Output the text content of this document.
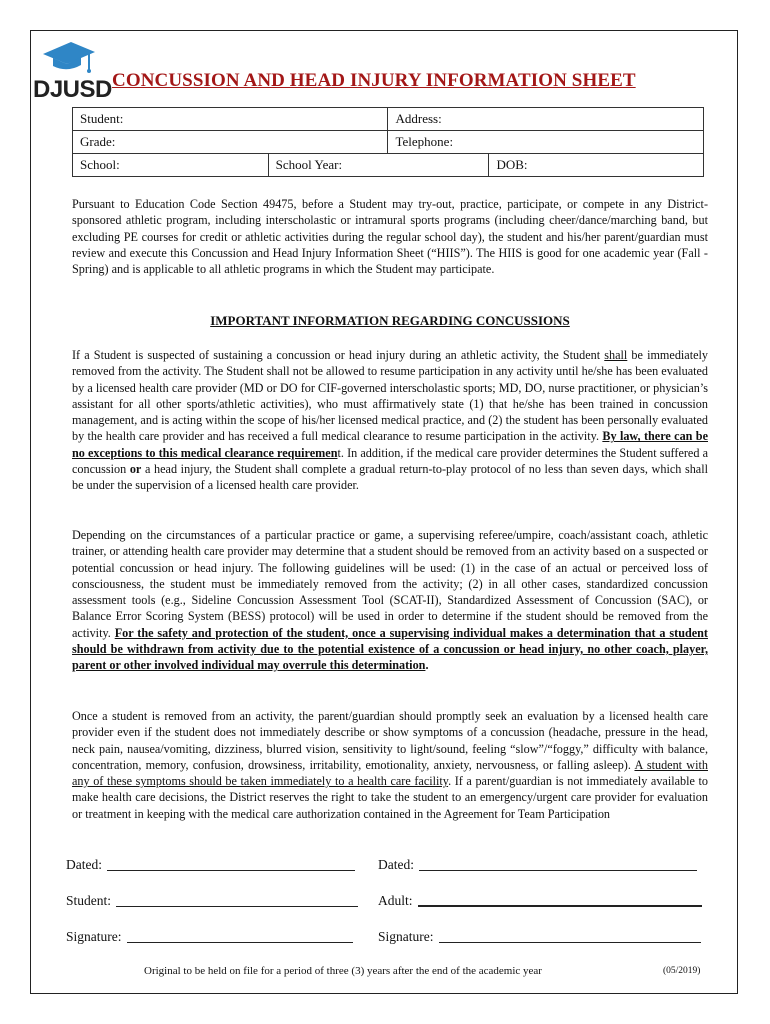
DJUSD CONCUSSION AND HEAD INJURY INFORMATION SHEET
Student:		Address:	
Grade:		Telephone:	
School:	School Year:		DOB:
Pursuant to Education Code Section 49475, before a Student may try-out, practice, participate, or compete in any District-sponsored athletic program, including interscholastic or intramural sports programs (including cheer/dance/marching band, but excluding PE courses for credit or athletic activities during the regular school day), the student and his/her parent/guardian must review and execute this Concussion and Head Injury Information Sheet (“HIIS”). The HIIS is good for one academic year (Fall - Spring) and is applicable to all athletic programs in which the Student may participate.
IMPORTANT INFORMATION REGARDING CONCUSSIONS
If a Student is suspected of sustaining a concussion or head injury during an athletic activity, the Student shall be immediately removed from the activity. The Student shall not be allowed to resume participation in any activity until he/she has been evaluated by a licensed health care provider (MD or DO for CIF-governed interscholastic sports; MD, DO, nurse practitioner, or physician’s assistant for all other sports/athletic activities), who must affirmatively state (1) that he/she has been trained in concussion management, and is acting within the scope of his/her licensed medical practice, and (2) the student has been personally evaluated by the health care provider and has received a full medical clearance to resume participation in the activity. By law, there can be no exceptions to this medical clearance requirement. In addition, if the medical care provider determines the Student suffered a concussion or a head injury, the Student shall complete a gradual return-to-play protocol of no less than seven days, which shall be under the supervision of a licensed health care provider.
Depending on the circumstances of a particular practice or game, a supervising referee/umpire, coach/assistant coach, athletic trainer, or attending health care provider may determine that a student should be removed from an activity based on a suspected or potential concussion or head injury. The following guidelines will be used: (1) in the case of an actual or perceived loss of consciousness, the student must be immediately removed from the activity; (2) in all other cases, standardized concussion assessment tools (e.g., Sideline Concussion Assessment Tool (SCAT-II), Standardized Assessment of Concussion (SAC), or Balance Error Scoring System (BESS) protocol) will be used in order to determine if the student should be removed from the activity. For the safety and protection of the student, once a supervising individual makes a determination that a student should be withdrawn from activity due to the potential existence of a concussion or head injury, no other coach, player, parent or other involved individual may overrule this determination.
Once a student is removed from an activity, the parent/guardian should promptly seek an evaluation by a licensed health care provider even if the student does not immediately describe or show symptoms of a concussion (headache, pressure in the head, neck pain, nausea/vomiting, dizziness, blurred vision, sensitivity to light/sound, feeling “slow”/“foggy,” difficulty with balance, concentration, memory, confusion, drowsiness, irritability, emotionality, anxiety, nervousness, or falling asleep). A student with any of these symptoms should be taken immediately to a health care facility. If a parent/guardian is not immediately available to make health care decisions, the District reserves the right to take the student to an emergency/urgent care provider for evaluation or treatment in keeping with the medical care authorization contained in the Agreement for Team Participation
Dated:	Dated:
Student:	Adult:
Signature:	Signature:
Original to be held on file for a period of three (3) years after the end of the academic year	(05/2019)
